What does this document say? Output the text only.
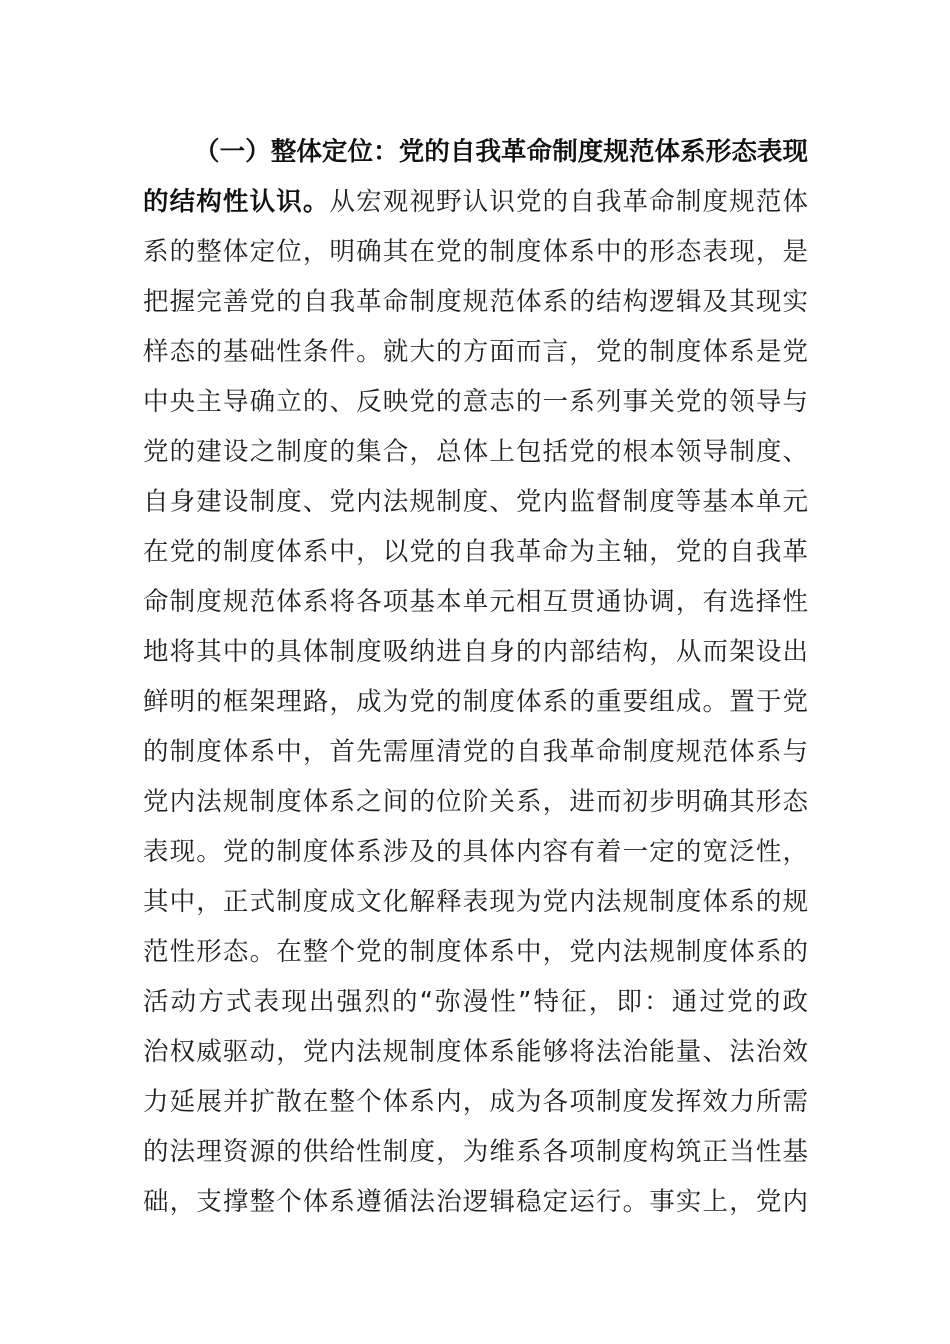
（一）整体定位：党的自我革命制度规范体系形态表现
的结构性认识。从宏观视野认识党的自我革命制度规范体
系的整体定位，明确其在党的制度体系中的形态表现，是
把握完善党的自我革命制度规范体系的结构逻辑及其现实
样态的基础性条件。就大的方面而言，党的制度体系是党
中央主导确立的、反映党的意志的一系列事关党的领导与
党的建设之制度的集合，总体上包括党的根本领导制度、
自身建设制度、党内法规制度、党内监督制度等基本单元
在党的制度体系中，以党的自我革命为主轴，党的自我革
命制度规范体系将各项基本单元相互贯通协调，有选择性
地将其中的具体制度吸纳进自身的内部结构，从而架设出
鲜明的框架理路，成为党的制度体系的重要组成。置于党
的制度体系中，首先需厘清党的自我革命制度规范体系与
党内法规制度体系之间的位阶关系，进而初步明确其形态
表现。党的制度体系涉及的具体内容有着一定的宽泛性，
其中，正式制度成文化解释表现为党内法规制度体系的规
范性形态。在整个党的制度体系中，党内法规制度体系的
活动方式表现出强烈的“弥漫性”特征，即：通过党的政
治权威驱动，党内法规制度体系能够将法治能量、法治效
力延展并扩散在整个体系内，成为各项制度发挥效力所需
的法理资源的供给性制度，为维系各项制度构筑正当性基
础，支撑整个体系遵循法治逻辑稳定运行。事实上，党内
